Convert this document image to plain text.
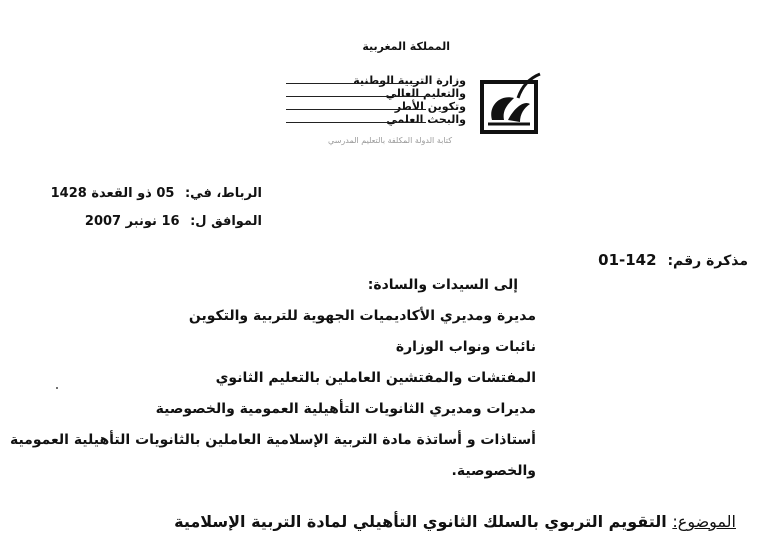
المملكة المغربية
وزارة التربية الوطنية
والتعليم العالي
وتكوين الأطر
والبحث العلمي
كتابة الدولة المكلفة بالتعليم المدرسي
الرباط، في: 05 ذو القعدة 1428
الموافق ل: 16 نونبر 2007
مذكرة رقم: 01-142
إلى السيدات والسادة:
مديرة ومديري الأكاديميات الجهوية للتربية والتكوين
نائبات ونواب الوزارة
المفتشات والمفتشين العاملين بالتعليم الثانوي
مديرات ومديري الثانويات التأهيلية العمومية والخصوصية
أستاذات و أساتذة مادة التربية الإسلامية العاملين بالثانويات التأهيلية العمومية
والخصوصية.
الموضوع: التقويم التربوي بالسلك الثانوي التأهيلي لمادة التربية الإسلامية
